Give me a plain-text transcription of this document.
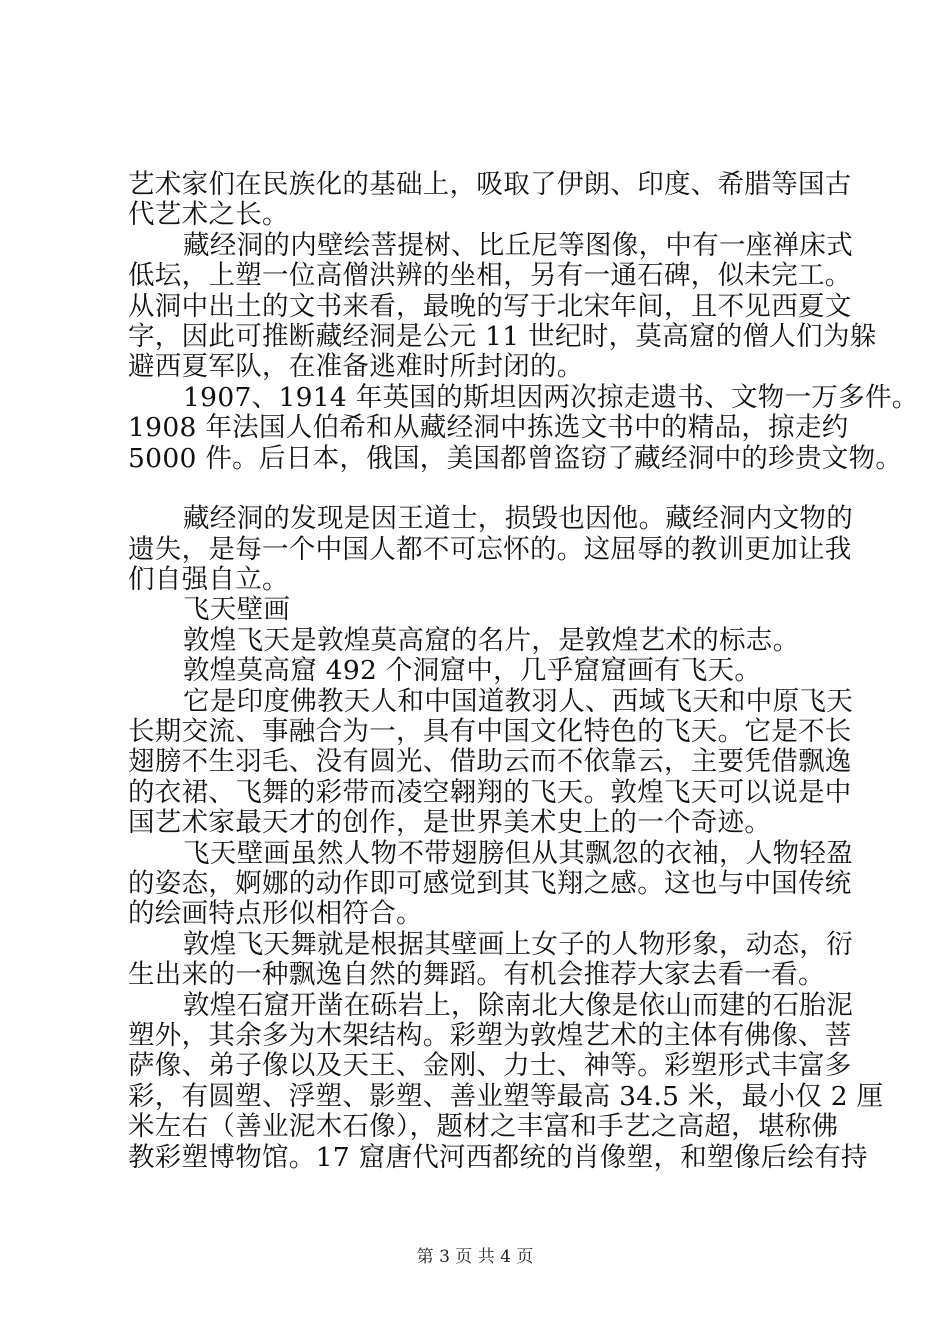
艺术家们在民族化的基础上，吸取了伊朗、印度、希腊等国古
代艺术之长。
藏经洞的内壁绘菩提树、比丘尼等图像，中有一座禅床式
低坛，上塑一位高僧洪辨的坐相，另有一通石碑，似未完工。
从洞中出土的文书来看，最晚的写于北宋年间，且不见西夏文
字，因此可推断藏经洞是公元 11 世纪时，莫高窟的僧人们为躲
避西夏军队，在准备逃难时所封闭的。
1907、1914 年英国的斯坦因两次掠走遗书、文物一万多件。
1908 年法国人伯希和从藏经洞中拣选文书中的精品，掠走约
5000 件。后日本，俄国，美国都曾盗窃了藏经洞中的珍贵文物。
藏经洞的发现是因王道士，损毁也因他。藏经洞内文物的
遗失，是每一个中国人都不可忘怀的。这屈辱的教训更加让我
们自强自立。
飞天壁画
敦煌飞天是敦煌莫高窟的名片，是敦煌艺术的标志。
敦煌莫高窟 492 个洞窟中，几乎窟窟画有飞天。
它是印度佛教天人和中国道教羽人、西域飞天和中原飞天
长期交流、事融合为一，具有中国文化特色的飞天。它是不长
翅膀不生羽毛、没有圆光、借助云而不依靠云，主要凭借飘逸
的衣裙、飞舞的彩带而凌空翱翔的飞天。敦煌飞天可以说是中
国艺术家最天才的创作，是世界美术史上的一个奇迹。
飞天壁画虽然人物不带翅膀但从其飘忽的衣袖，人物轻盈
的姿态，婀娜的动作即可感觉到其飞翔之感。这也与中国传统
的绘画特点形似相符合。
敦煌飞天舞就是根据其壁画上女子的人物形象，动态，衍
生出来的一种飘逸自然的舞蹈。有机会推荐大家去看一看。
敦煌石窟开凿在砾岩上，除南北大像是依山而建的石胎泥
塑外，其余多为木架结构。彩塑为敦煌艺术的主体有佛像、菩
萨像、弟子像以及天王、金刚、力士、神等。彩塑形式丰富多
彩，有圆塑、浮塑、影塑、善业塑等最高 34.5 米，最小仅 2 厘
米左右（善业泥木石像），题材之丰富和手艺之高超，堪称佛
教彩塑博物馆。17 窟唐代河西都统的肖像塑，和塑像后绘有持
第 3 页 共 4 页
